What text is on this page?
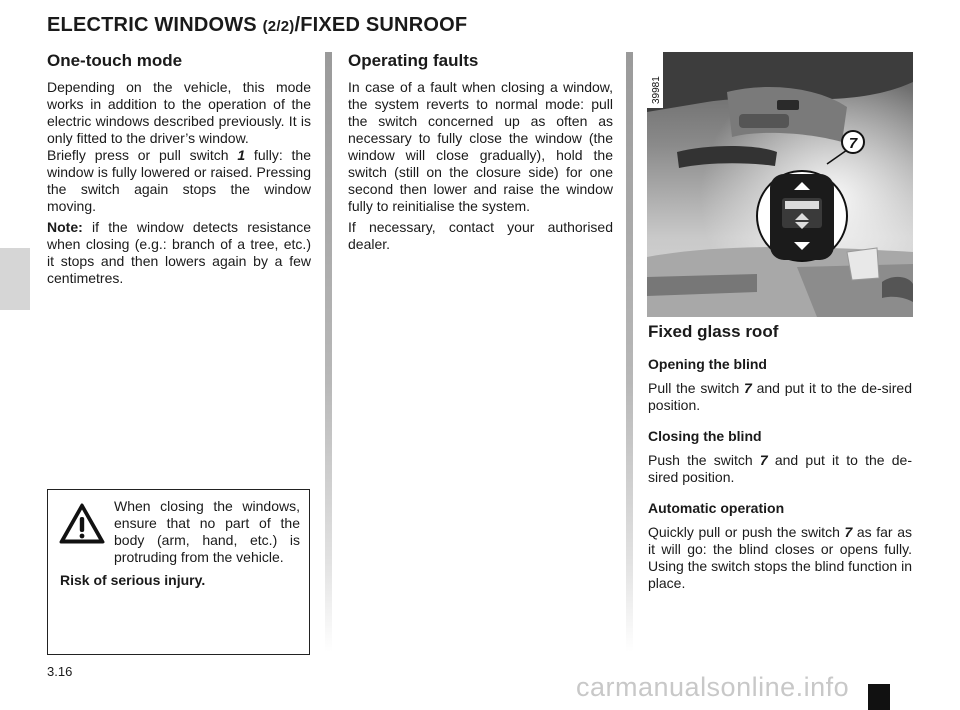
ELECTRIC WINDOWS (2/2)/FIXED SUNROOF
One-touch mode

Depending on the vehicle, this mode works in addition to the operation of the electric windows described previously. It is only fitted to the driver’s window.
Briefly press or pull switch 1 fully: the window is fully lowered or raised. Pressing the switch again stops the window moving.

Note: if the window detects resistance when closing (e.g.: branch of a tree, etc.) it stops and then lowers again by a few centimetres.

When closing the windows, ensure that no part of the body (arm, hand, etc.) is protruding from the vehicle.

Risk of serious injury.

Operating faults

In case of a fault when closing a window, the system reverts to normal mode: pull the switch concerned up as often as necessary to fully close the window (the window will close gradually), hold the switch (still on the closure side) for one second then lower and raise the window fully to reinitialise the system.

If necessary, contact your authorised dealer.

7
39981
Fixed glass roof

Opening the blind

Pull the switch 7 and put it to the de-sired position.

Closing the blind

Push the switch 7 and put it to the de-sired position.

Automatic operation

Quickly pull or push the switch 7 as far as it will go: the blind closes or opens fully. Using the switch stops the blind function in place.

3.16
carmanualsonline.info
